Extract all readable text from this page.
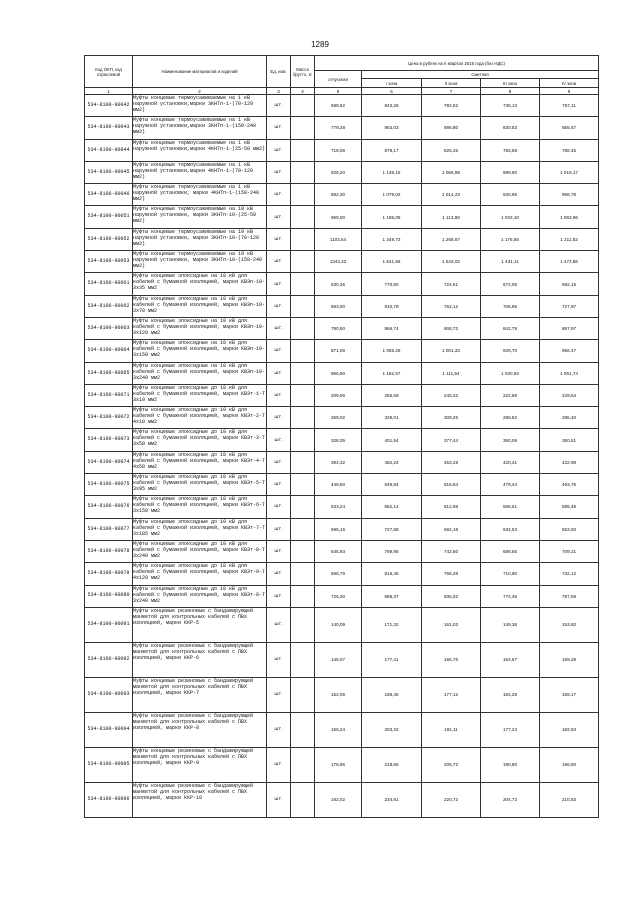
1289
Код ОКП, код отраслевой	Наименование материалов и изделий	Ед. изм.	Масса брутто, кг	Цена в рублях на II квартал 2016 года (без НДС)				
				отпускная	Сметная			
					I зона	II зона	III зона	IV зона
1	2	3	4	5	6	7	8	9
534-8100-90042	Муфты концевые термоусаживаемые на 1 кВ наружной установки,марки 3КНТп-1-(70-120 мм2)	шт.		689,52	843,28	792,62	735,13	757,11
534-8100-90043	Муфты концевые термоусаживаемые на 1 кВ наружной установки,марки 3КНТп-1-(150-240 мм2)	шт.		779,28	953,03	895,80	830,83	855,67
534-8100-90044	Муфты концевые термоусаживаемые на 1 кВ наружной установки,марки 4КНТп-1-(25-50 мм2)	шт.		718,08	878,17	825,45	765,58	788,45
534-8100-90045	Муфты концевые термоусаживаемые на 1 кВ наружной установки,марки 4КНТп-1-(70-120 мм2)	шт.		928,20	1 135,15	1 066,98	989,60	1 019,17
534-8100-90046	Муфты концевые термоусаживаемые на 1 кВ наружной установки, марки 4КНТп-1-(150-240 мм2)	шт.		882,30	1 079,02	1 014,23	940,66	968,78
534-8100-90051	Муфты концевые термоусаживаемые на 10 кВ наружной установки, марки 3КНТп-10-(25-50 мм2)	шт.		969,00	1 185,05	1 113,88	1 033,10	1 063,96
534-8100-90052	Муфты концевые термоусаживаемые на 10 кВ наружной установки, марки 3КНТп-10-(70-120 мм2)	шт.		1103,64	1 349,73	1 268,67	1 176,65	1 211,82
534-8100-90053	Муфты концевые термоусаживаемые на 10 кВ наружной установки, марки 3КНТп-10-(150-240 мм2)	шт.		1342,32	1 641,56	1 543,02	1 431,11	1 473,86
534-8100-90061	Муфты концевые эпоксидные на 10 кВ для кабелей с бумажной изоляцией, марки КВЭп-10- 3х35 мм2	шт.		630,36	770,90	724,61	672,06	692,15
534-8100-90062	Муфты концевые эпоксидные на 10 кВ для кабелей с бумажной изоляцией, марки КВЭп-10- 3х70 мм2	шт.		663,00	810,78	762,12	706,86	727,97
534-8100-90063	Муфты концевые эпоксидные на 10 кВ для кабелей с бумажной изоляцией, марки КВЭп-10- 3х120 мм2	шт.		790,50	966,74	908,72	842,79	867,97
534-8100-90064	Муфты концевые эпоксидные на 10 кВ для кабелей с бумажной изоляцией, марки КВЭп-10- 3х150 мм2	шт.		871,08	1 065,29	1 001,33	928,70	956,47
534-8100-90065	Муфты концевые эпоксидные на 10 кВ для кабелей с бумажной изоляцией, марки КВЭп-10-3х240 мм2	шт.		966,90	1 182,57	1 111,54	1 030,92	1 061,74
534-8100-90071	Муфты концевые эпоксидные до 10 кВ для кабелей с бумажной изоляцией, марки КВЭт-1-Т 3х10 мм2	шт.		209,06	255,69	240,32	222,88	229,54
534-8100-90072	Муфты концевые эпоксидные до 10 кВ для кабелей с бумажной изоляцией, марки КВЭт-2-Т 4х10 мм2	шт.		269,02	329,01	309,26	286,82	295,40
534-8100-90073	Муфты концевые эпоксидные до 10 кВ для кабелей с бумажной изоляцией, марки КВЭт-3-Т 3х50 мм2	шт.		328,35	401,54	377,44	350,06	360,51
534-8100-90074	Муфты концевые эпоксидные до 10 кВ для кабелей с бумажной изоляцией, марки КВЭт-4-Т 4х50 мм2	шт.		394,32	482,24	453,28	420,41	432,98
534-8100-90075	Муфты концевые эпоксидные до 10 кВ для кабелей с бумажной изоляцией, марки КВЭт-5-Т 3х95 мм2	шт.		449,60	549,84	516,84	479,44	493,76
534-8100-90076	Муфты концевые эпоксидные до 10 кВ для кабелей с бумажной изоляцией, марки КВЭт-6-Т 3х150 мм2	шт.		533,24	652,14	612,98	568,51	585,48
534-8100-90077	Муфты концевые эпоксидные до 10 кВ для кабелей с бумажной изоляцией, марки КВЭт-7-Т 3х185 мм2	шт.		595,16	727,88	684,18	634,53	653,50
534-8100-90078	Муфты концевые эпоксидные до 10 кВ для кабелей с бумажной изоляцией, марки КВЭт-8-Т 3х240 мм2	шт.		645,93	789,95	742,50	688,66	709,21
534-8100-90079	Муфты концевые эпоксидные до 10 кВ для кабелей с бумажной изоляцией, марки КВЭт-9-Т 4х120 мм2	шт.		666,79	815,45	766,48	710,90	732,12
534-8100-90080	Муфты концевые эпоксидные до 10 кВ для кабелей с бумажной изоляцией, марки КВЭт-8-Т 3х240 мм2	шт.		726,30	888,37	835,02	774,45	797,58
534-8100-90091	Муфты концевые резиновые с бандажирующей манжетой для контрольных кабелей с ПВХ изоляцией, марки ККР-5	шт.		140,09	171,32	161,03	149,36	153,82
534-8100-90092	Муфты концевые резиновые с бандажирующей манжетой для контрольных кабелей с ПВХ изоляцией, марки ККР-6	шт.		145,07	177,41	166,76	154,67	159,29
534-8100-90093	Муфты концевые резиновые с бандажирующей манжетой для контрольных кабелей с ПВХ изоляцией, марки ККР-7	шт.		154,09	188,45	177,12	164,28	169,17
534-8100-90094	Муфты концевые резиновые с бандажирующей манжетой для контрольных кабелей с ПВХ изоляцией, марки ККР-8	шт.		166,24	203,32	191,11	177,24	182,53
534-8100-90095	Муфты концевые резиновые с бандажирующей манжетой для контрольных кабелей с ПВХ изоляцией, марки ККР-9	шт.		178,96	218,86	205,72	190,80	196,50
534-8100-90096	Муфты концевые резиновые с бандажирующей манжетой для контрольных кабелей с ПВХ изоляцией, марки ККР-10	шт.		192,02	234,81	220,72	204,72	210,83
